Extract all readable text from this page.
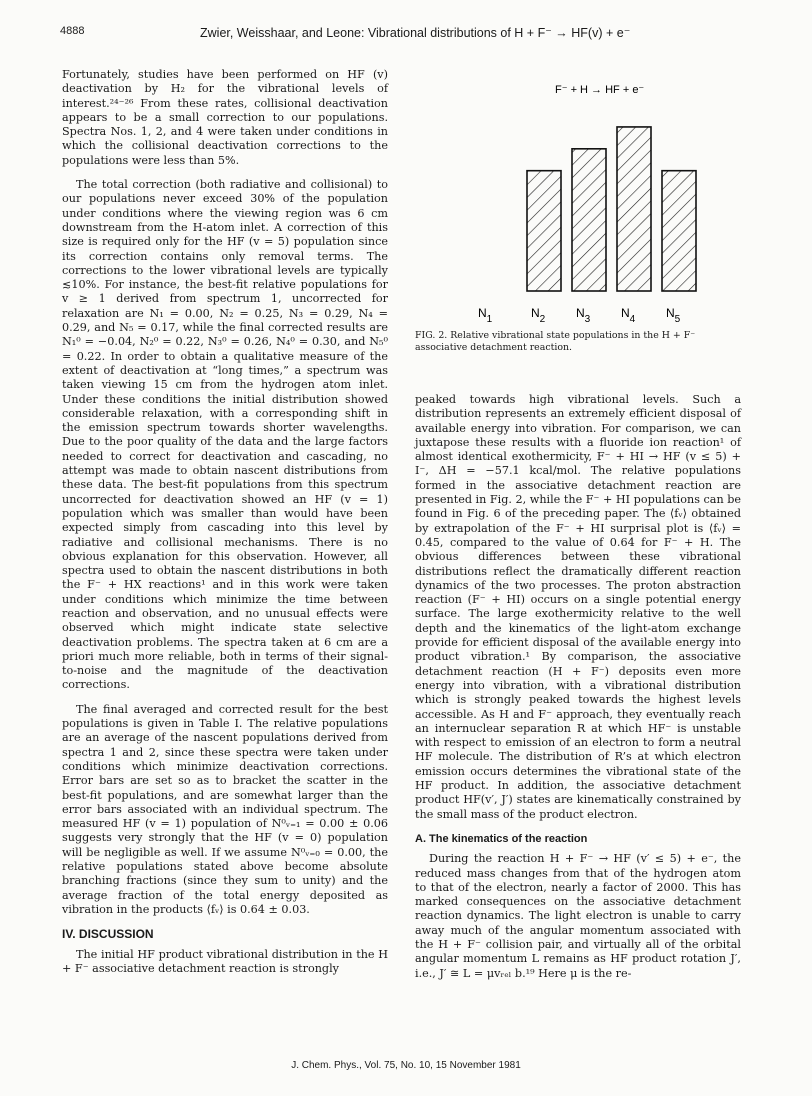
4888	Zwier, Weisshaar, and Leone: Vibrational distributions of H + F⁻ → HF(v) + e⁻

Fortunately, studies have been performed on HF (v) deactivation by H₂ for the vibrational levels of interest.²⁴⁻²⁶ From these rates, collisional deactivation appears to be a small correction to our populations. Spectra Nos. 1, 2, and 4 were taken under conditions in which the collisional deactivation corrections to the populations were less than 5%.

The total correction (both radiative and collisional) to our populations never exceed 30% of the population under conditions where the viewing region was 6 cm downstream from the H-atom inlet. A correction of this size is required only for the HF (v = 5) population since its correction contains only removal terms. The corrections to the lower vibrational levels are typically ≲10%. For instance, the best-fit relative populations for v ≥ 1 derived from spectrum 1, uncorrected for relaxation are N₁ = 0.00, N₂ = 0.25, N₃ = 0.29, N₄ = 0.29, and N₅ = 0.17, while the final corrected results are N₁⁰ = −0.04, N₂⁰ = 0.22, N₃⁰ = 0.26, N₄⁰ = 0.30, and N₅⁰ = 0.22. In order to obtain a qualitative measure of the extent of deactivation at “long times,” a spectrum was taken viewing 15 cm from the hydrogen atom inlet. Under these conditions the initial distribution showed considerable relaxation, with a corresponding shift in the emission spectrum towards shorter wavelengths. Due to the poor quality of the data and the large factors needed to correct for deactivation and cascading, no attempt was made to obtain nascent distributions from these data. The best-fit populations from this spectrum uncorrected for deactivation showed an HF (v = 1) population which was smaller than would have been expected simply from cascading into this level by radiative and collisional mechanisms. There is no obvious explanation for this observation. However, all spectra used to obtain the nascent distributions in both the F⁻ + HX reactions¹ and in this work were taken under conditions which minimize the time between reaction and observation, and no unusual effects were observed which might indicate state selective deactivation problems. The spectra taken at 6 cm are a priori much more reliable, both in terms of their signal-to-noise and the magnitude of the deactivation corrections.

The final averaged and corrected result for the best populations is given in Table I. The relative populations are an average of the nascent populations derived from spectra 1 and 2, since these spectra were taken under conditions which minimize deactivation corrections. Error bars are set so as to bracket the scatter in the best-fit populations, and are somewhat larger than the error bars associated with an individual spectrum. The measured HF (v = 1) population of N⁰ᵥ₌₁ = 0.00 ± 0.06 suggests very strongly that the HF (v = 0) population will be negligible as well. If we assume N⁰ᵥ₌₀ = 0.00, the relative populations stated above become absolute branching fractions (since they sum to unity) and the average fraction of the total energy deposited as vibration in the products ⟨fᵥ⟩ is 0.64 ± 0.03.

IV. DISCUSSION

The initial HF product vibrational distribution in the H + F⁻ associative detachment reaction is strongly

F⁻ + H → HF + e⁻
$N_1$	$N_2$	$N_3$	$N_4$	$N_5$
FIG. 2. Relative vibrational state populations in the H + F⁻ associative detachment reaction.

peaked towards high vibrational levels. Such a distribution represents an extremely efficient disposal of available energy into vibration. For comparison, we can juxtapose these results with a fluoride ion reaction¹ of almost identical exothermicity, F⁻ + HI → HF (v ≤ 5) + I⁻, ΔH = −57.1 kcal/mol. The relative populations formed in the associative detachment reaction are presented in Fig. 2, while the F⁻ + HI populations can be found in Fig. 6 of the preceding paper. The ⟨fᵥ⟩ obtained by extrapolation of the F⁻ + HI surprisal plot is ⟨fᵥ⟩ = 0.45, compared to the value of 0.64 for F⁻ + H. The obvious differences between these vibrational distributions reflect the dramatically different reaction dynamics of the two processes. The proton abstraction reaction (F⁻ + HI) occurs on a single potential energy surface. The large exothermicity relative to the well depth and the kinematics of the light-atom exchange provide for efficient disposal of the available energy into product vibration.¹ By comparison, the associative detachment reaction (H + F⁻) deposits even more energy into vibration, with a vibrational distribution which is strongly peaked towards the highest levels accessible. As H and F⁻ approach, they eventually reach an internuclear separation R at which HF⁻ is unstable with respect to emission of an electron to form a neutral HF molecule. The distribution of R’s at which electron emission occurs determines the vibrational state of the HF product. In addition, the associative detachment product HF(v′, J′) states are kinematically constrained by the small mass of the product electron.

A. The kinematics of the reaction

During the reaction H + F⁻ → HF (v′ ≤ 5) + e⁻, the reduced mass changes from that of the hydrogen atom to that of the electron, nearly a factor of 2000. This has marked consequences on the associative detachment reaction dynamics. The light electron is unable to carry away much of the angular momentum associated with the H + F⁻ collision pair, and virtually all of the orbital angular momentum L remains as HF product rotation J′, i.e., J′ ≅ L = μvᵣₑₗ b.¹⁹ Here μ is the re-

J. Chem. Phys., Vol. 75, No. 10, 15 November 1981
